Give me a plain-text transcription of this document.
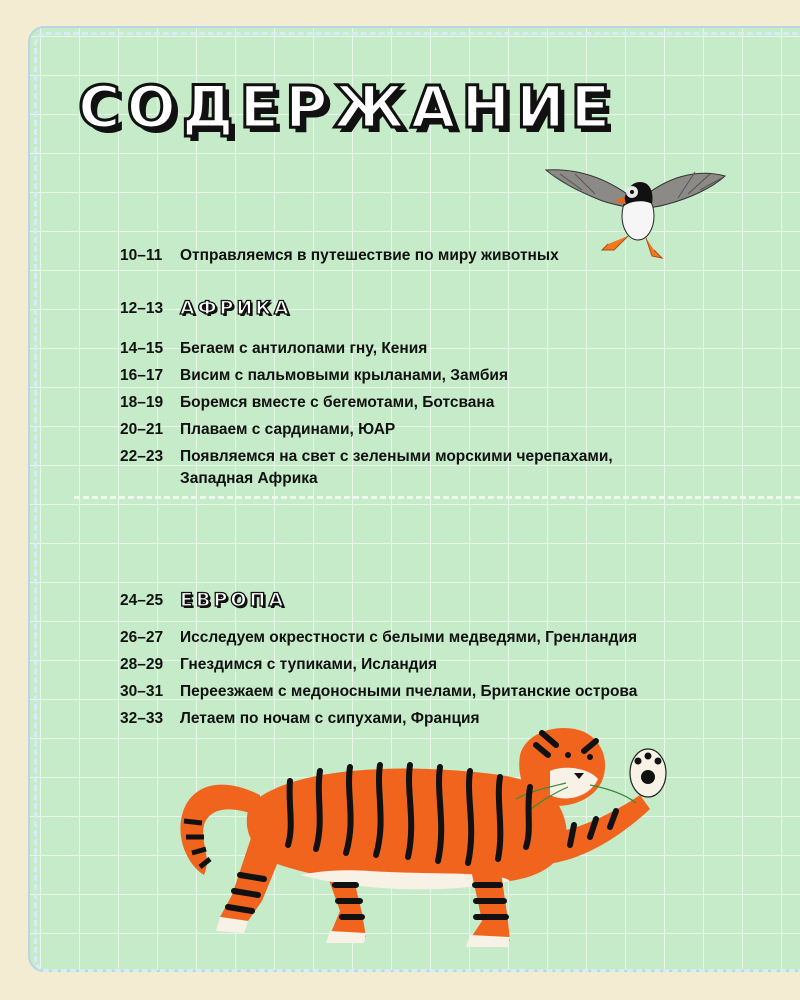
СОДЕРЖАНИЕ
10–11 Отправляемся в путешествие по миру животных
12–13 АФРИКА
14–15 Бегаем с антилопами гну, Кения
16–17 Висим с пальмовыми крыланами, Замбия
18–19 Боремся вместе с бегемотами, Ботсвана
20–21 Плаваем с сардинами, ЮАР
22–23 Появляемся на свет с зелеными морскими черепахами,
Западная Африка
24–25 ЕВРОПА
26–27 Исследуем окрестности с белыми медведями, Гренландия
28–29 Гнездимся с тупиками, Исландия
30–31 Переезжаем с медоносными пчелами, Британские острова
32–33 Летаем по ночам с сипухами, Франция
